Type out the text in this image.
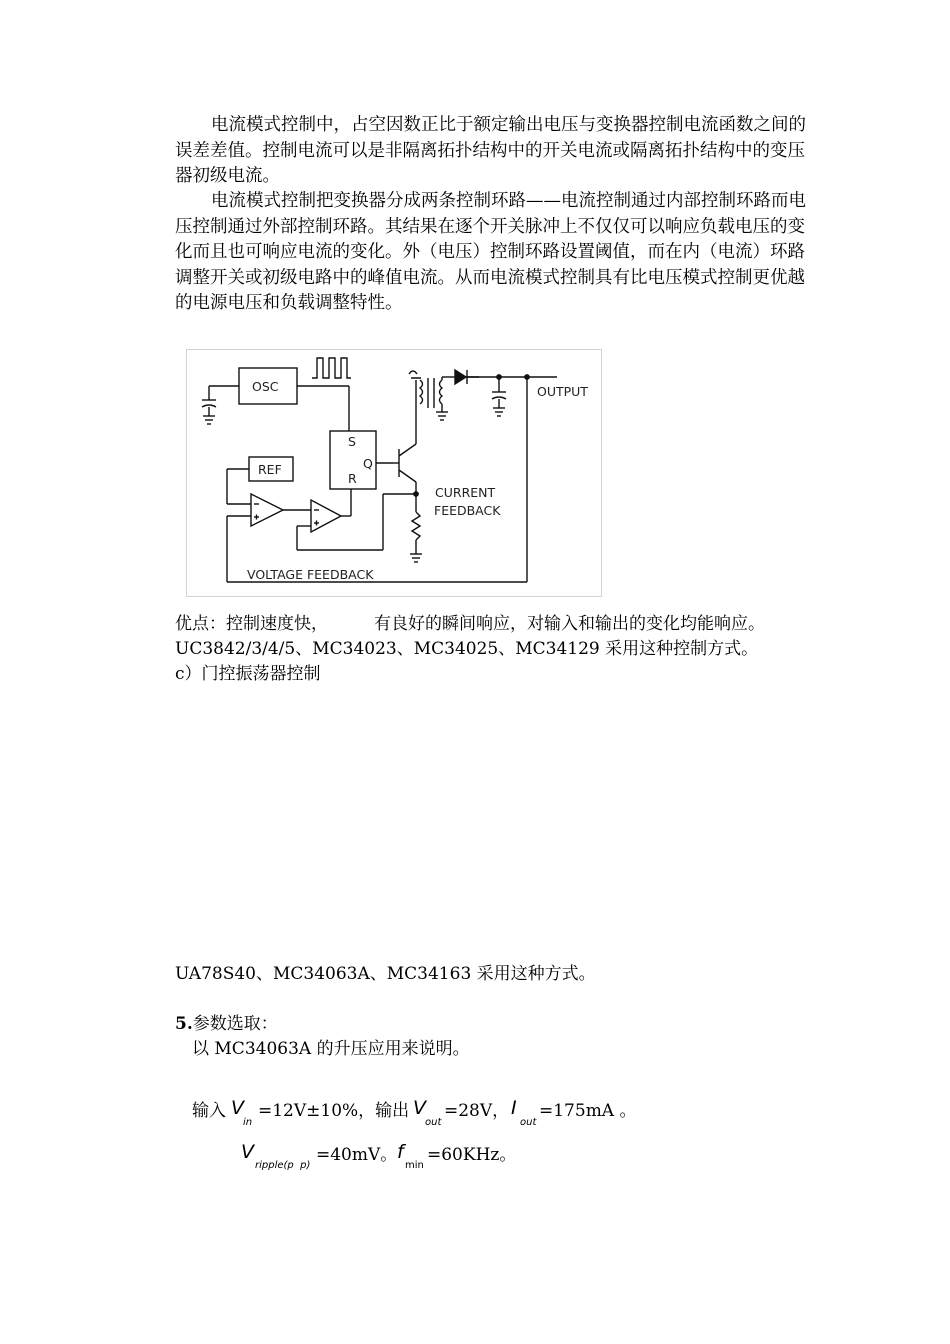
电流模式控制中，占空因数正比于额定输出电压与变换器控制电流函数之间的误差差值。控制电流可以是非隔离拓扑结构中的开关电流或隔离拓扑结构中的变压器初级电流。

电流模式控制把变换器分成两条控制环路——电流控制通过内部控制环路而电压控制通过外部控制环路。其结果在逐个开关脉冲上不仅仅可以响应负载电压的变化而且也可响应电流的变化。外（电压）控制环路设置阈值，而在内（电流）环路调整开关或初级电路中的峰值电流。从而电流模式控制具有比电压模式控制更优越的电源电压和负载调整特性。

OSC
REF
S
Q
R
OUTPUT
CURRENT
FEEDBACK
VOLTAGE FEEDBACK
优点：控制速度快，	有良好的瞬间响应，对输入和输出的变化均能响应。
UC3842/3/4/5、MC34023、MC34025、MC34129 采用这种控制方式。
c）门控振荡器控制
UA78S40、MC34063A、MC34163 采用这种方式。
5.参数选取：
以 MC34063A 的升压应用来说明。
输入 V
in
=12V±10%，输出 V
out
=28V， I
out
=175mA 。
V
ripple(p  p)
=40mV。 f
min
=60KHz。
